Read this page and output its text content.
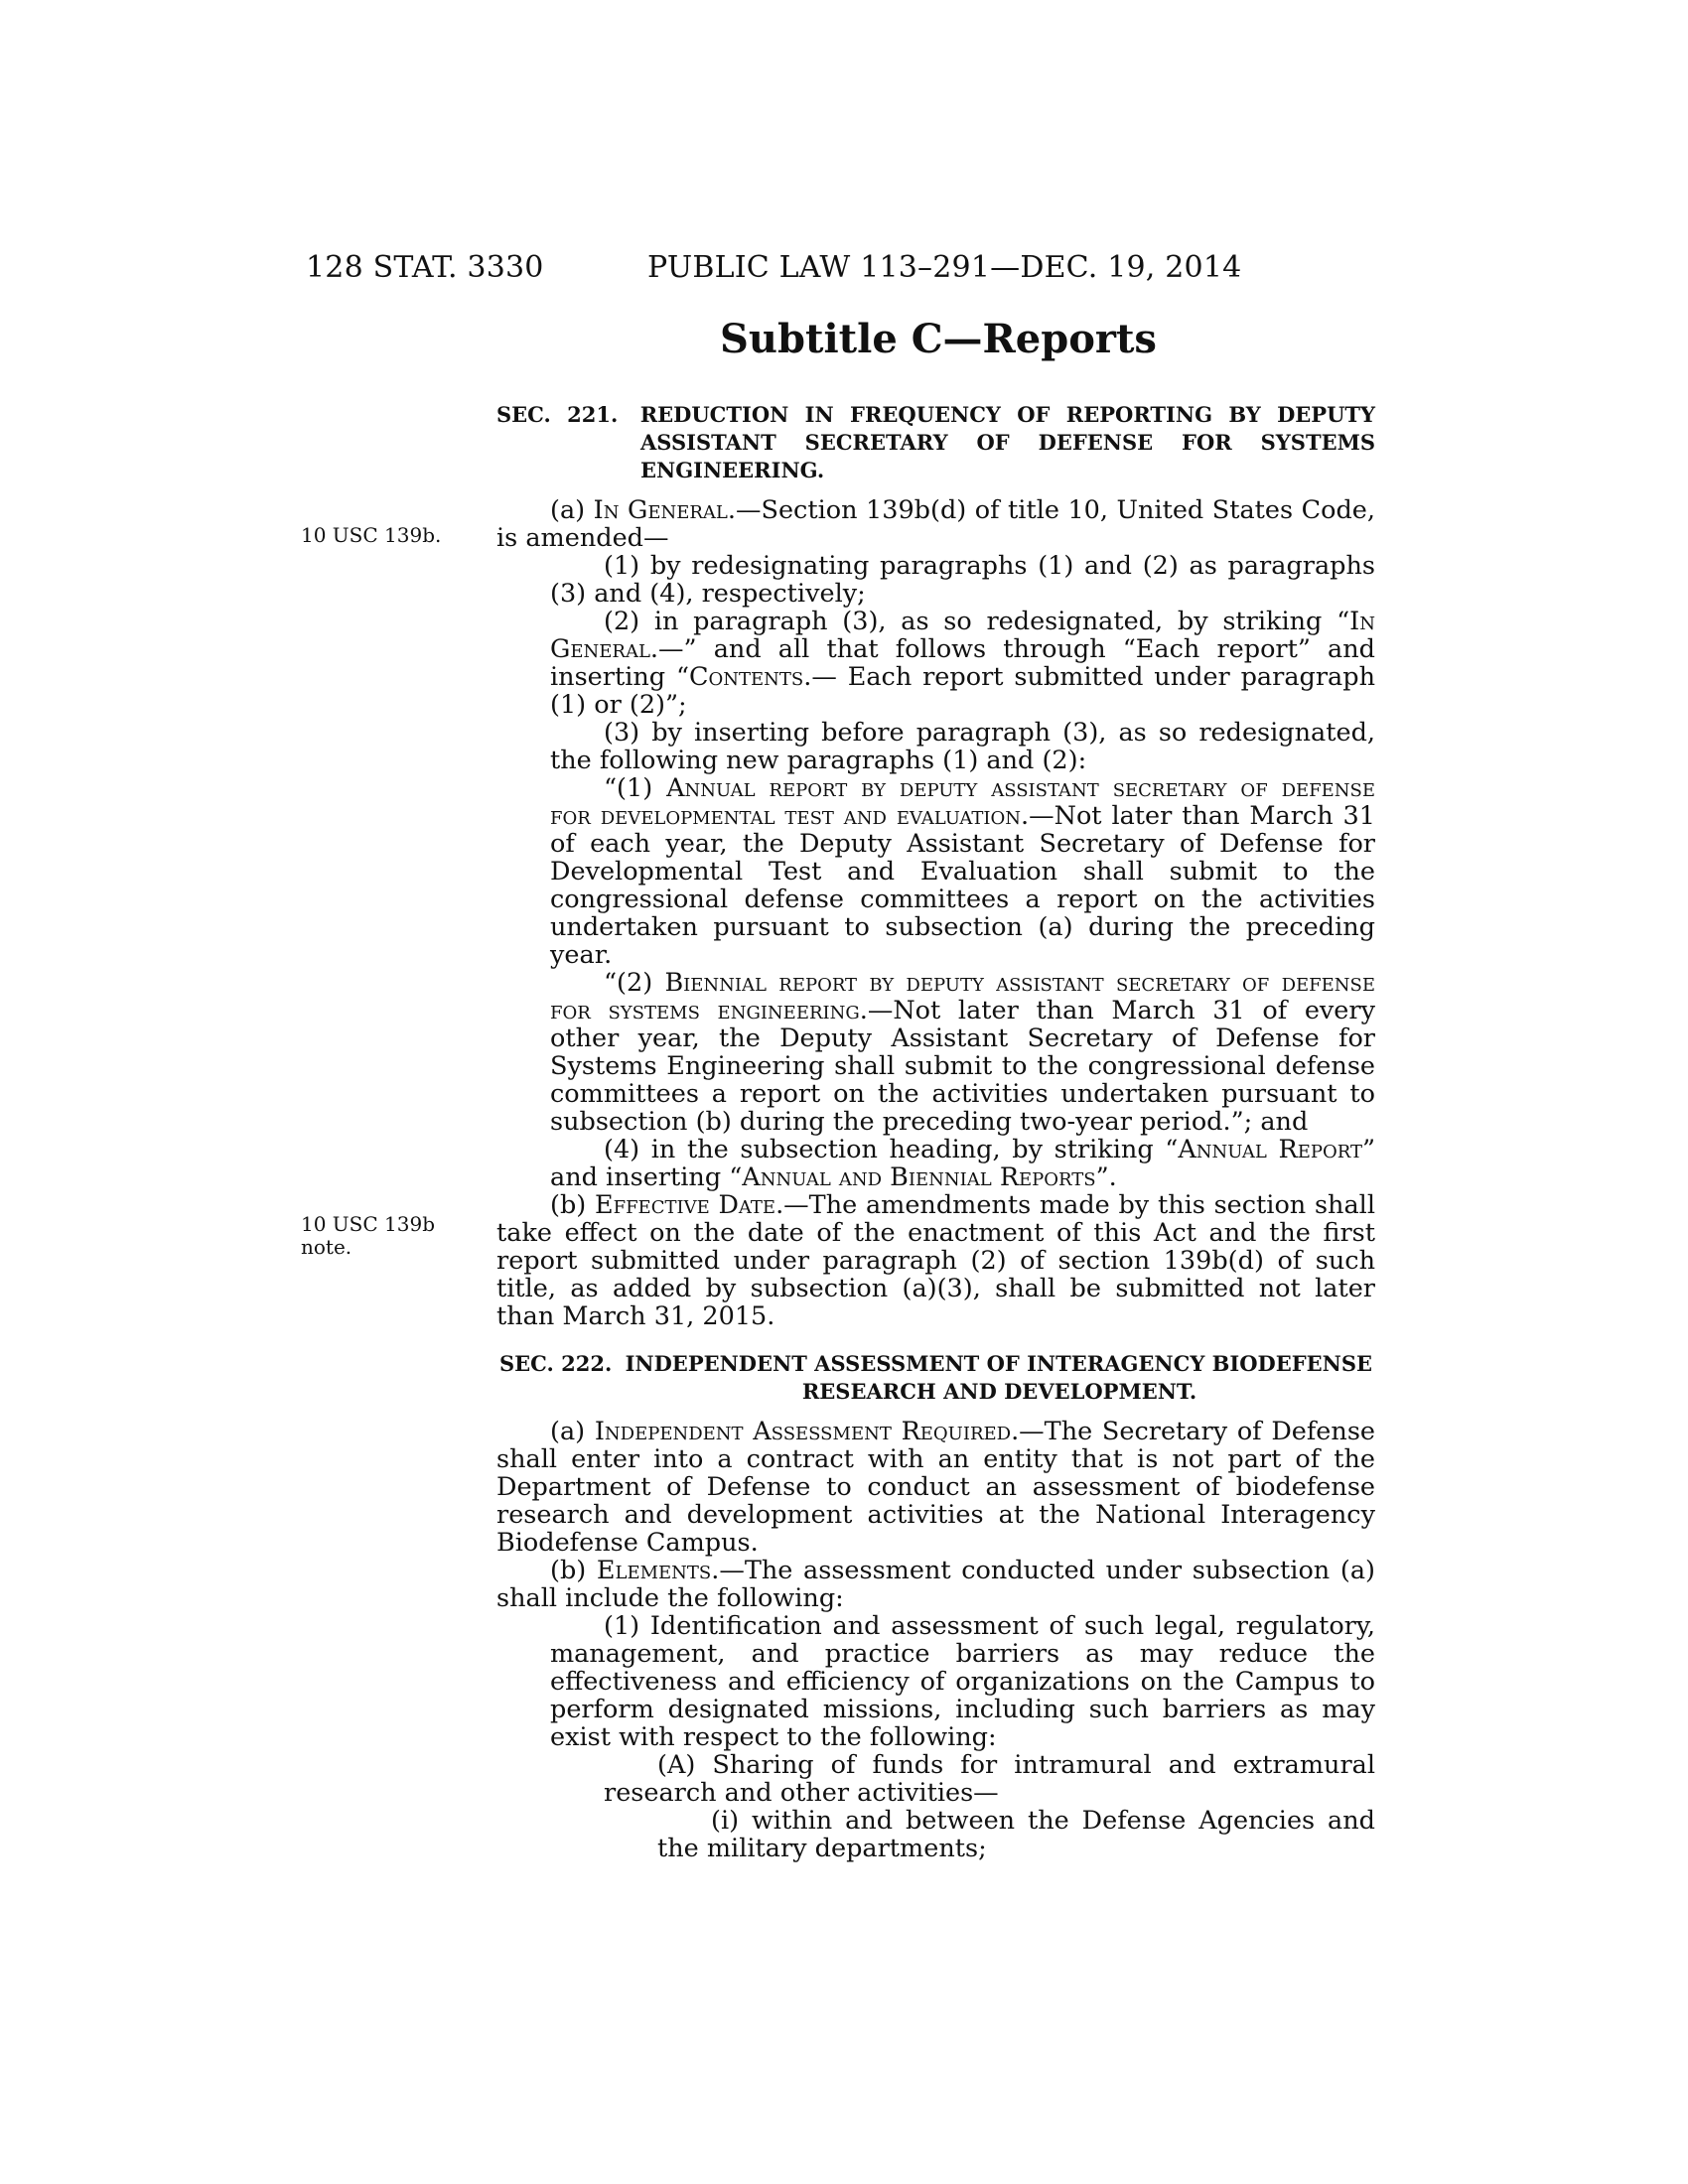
128 STAT. 3330	PUBLIC LAW 113–291—DEC. 19, 2014
Subtitle C—Reports
10 USC 139b.
10 USC 139b
note.
SEC. 221. REDUCTION IN FREQUENCY OF REPORTING BY DEPUTY ASSISTANT SECRETARY OF DEFENSE FOR SYSTEMS ENGINEERING.

(a) In General.—Section 139b(d) of title 10, United States Code, is amended—

(1) by redesignating paragraphs (1) and (2) as paragraphs (3) and (4), respectively;

(2) in paragraph (3), as so redesignated, by striking “In General.—” and all that follows through “Each report” and inserting “Contents.— Each report submitted under paragraph (1) or (2)”;

(3) by inserting before paragraph (3), as so redesignated, the following new paragraphs (1) and (2):

“(1) Annual report by deputy assistant secretary of defense for developmental test and evaluation.—Not later than March 31 of each year, the Deputy Assistant Secretary of Defense for Developmental Test and Evaluation shall submit to the congressional defense committees a report on the activities undertaken pursuant to subsection (a) during the preceding year.

“(2) Biennial report by deputy assistant secretary of defense for systems engineering.—Not later than March 31 of every other year, the Deputy Assistant Secretary of Defense for Systems Engineering shall submit to the congressional defense committees a report on the activities undertaken pursuant to subsection (b) during the preceding two-year period.”; and

(4) in the subsection heading, by striking “Annual Report” and inserting “Annual and Biennial Reports”.

(b) Effective Date.—The amendments made by this section shall take effect on the date of the enactment of this Act and the first report submitted under paragraph (2) of section 139b(d) of such title, as added by subsection (a)(3), shall be submitted not later than March 31, 2015.

SEC. 222. INDEPENDENT ASSESSMENT OF INTERAGENCY BIODEFENSE RESEARCH AND DEVELOPMENT.

(a) Independent Assessment Required.—The Secretary of Defense shall enter into a contract with an entity that is not part of the Department of Defense to conduct an assessment of biodefense research and development activities at the National Interagency Biodefense Campus.

(b) Elements.—The assessment conducted under subsection (a) shall include the following:

(1) Identification and assessment of such legal, regulatory, management, and practice barriers as may reduce the effectiveness and efficiency of organizations on the Campus to perform designated missions, including such barriers as may exist with respect to the following:

(A) Sharing of funds for intramural and extramural research and other activities—

(i) within and between the Defense Agencies and the military departments;
